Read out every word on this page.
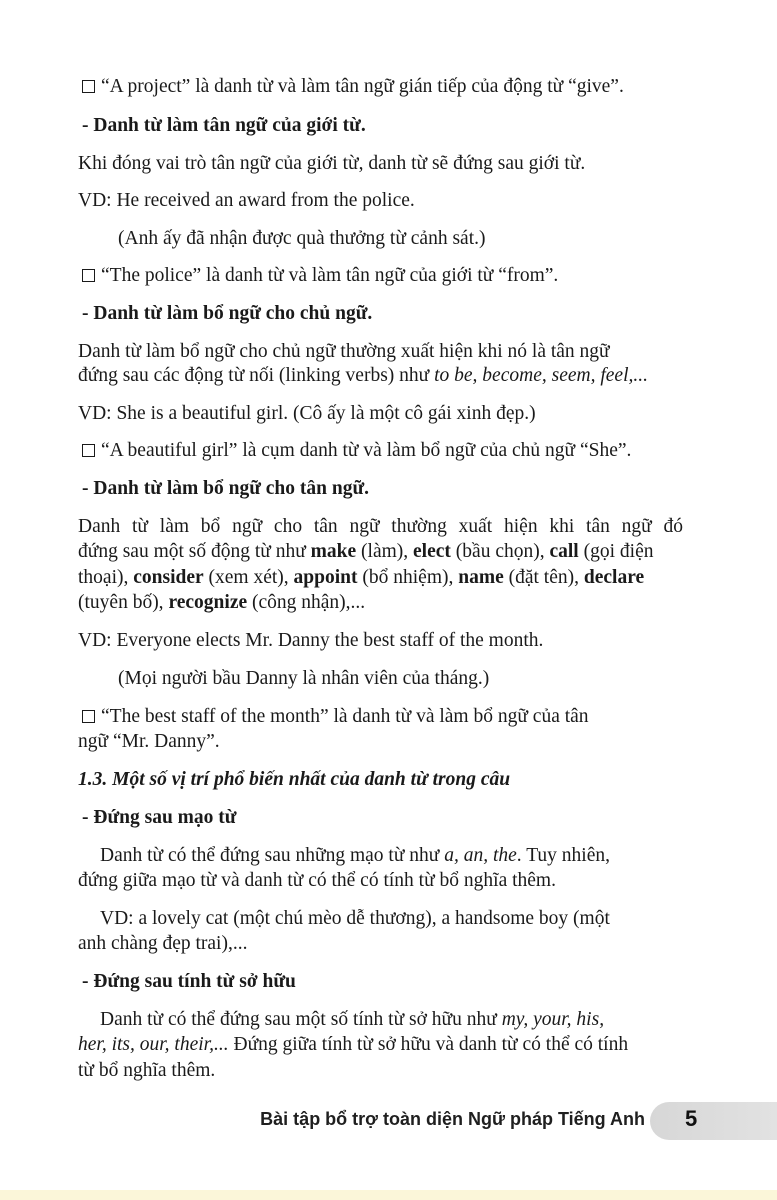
“A project” là danh từ và làm tân ngữ gián tiếp của động từ “give”.
- Danh từ làm tân ngữ của giới từ.
Khi đóng vai trò tân ngữ của giới từ, danh từ sẽ đứng sau giới từ.
VD: He received an award from the police.
(Anh ấy đã nhận được quà thưởng từ cảnh sát.)
“The police” là danh từ và làm tân ngữ của giới từ “from”.
- Danh từ làm bổ ngữ cho chủ ngữ.
Danh từ làm bổ ngữ cho chủ ngữ thường xuất hiện khi nó là tân ngữ
đứng sau các động từ nối (linking verbs) như to be, become, seem, feel,...
VD: She is a beautiful girl. (Cô ấy là một cô gái xinh đẹp.)
“A beautiful girl” là cụm danh từ và làm bổ ngữ của chủ ngữ “She”.
- Danh từ làm bổ ngữ cho tân ngữ.
Danh từ làm bổ ngữ cho tân ngữ thường xuất hiện khi tân ngữ đó
đứng sau một số động từ như make (làm), elect (bầu chọn), call (gọi điện
thoại), consider (xem xét), appoint (bổ nhiệm), name (đặt tên), declare
(tuyên bố), recognize (công nhận),...
VD: Everyone elects Mr. Danny the best staff of the month.
(Mọi người bầu Danny là nhân viên của tháng.)
“The best staff of the month” là danh từ và làm bổ ngữ của tân
ngữ “Mr. Danny”.
1.3. Một số vị trí phổ biến nhất của danh từ trong câu
- Đứng sau mạo từ
Danh từ có thể đứng sau những mạo từ như a, an, the. Tuy nhiên,
đứng giữa mạo từ và danh từ có thể có tính từ bổ nghĩa thêm.
VD: a lovely cat (một chú mèo dễ thương), a handsome boy (một
anh chàng đẹp trai),...
- Đứng sau tính từ sở hữu
Danh từ có thể đứng sau một số tính từ sở hữu như my, your, his,
her, its, our, their,... Đứng giữa tính từ sở hữu và danh từ có thể có tính
từ bổ nghĩa thêm.
Bài tập bổ trợ toàn diện Ngữ pháp Tiếng Anh 5
